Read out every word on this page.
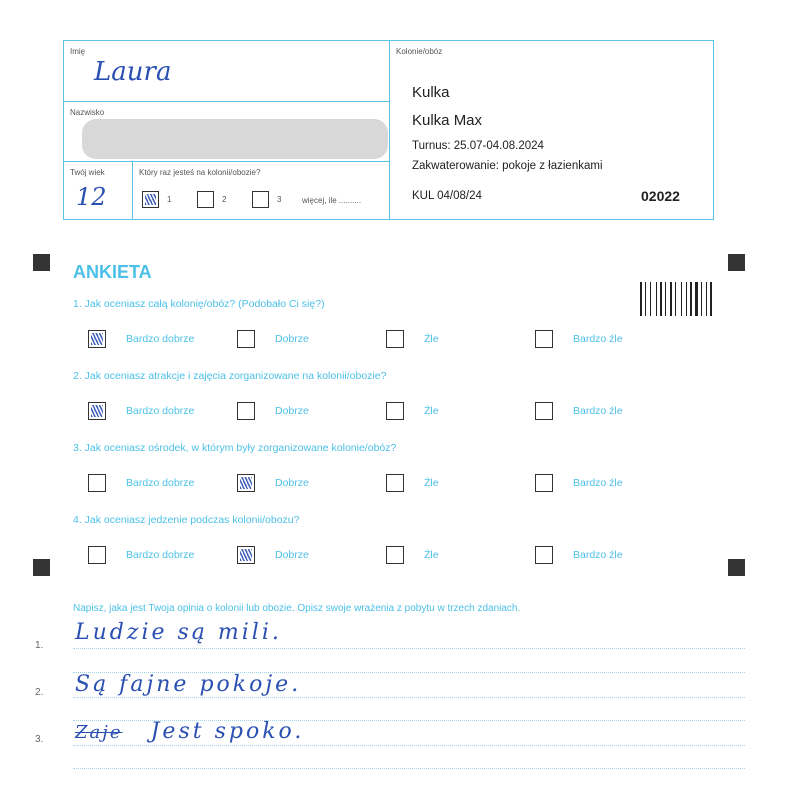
Imię
Laura
Nazwisko
Twój wiek
12
Który raz jesteś na kolonii/obozie?
1	2	3	więcej, ile ..........
Kolonie/obóz
Kulka
Kulka Max
Turnus: 25.07-04.08.2024
Zakwaterowanie: pokoje z łazienkami
KUL 04/08/24	02022
ANKIETA
1. Jak oceniasz całą kolonię/obóz? (Podobało Ci się?)
Bardzo dobrze	Dobrze	Źle	Bardzo źle
2. Jak oceniasz atrakcje i zajęcia zorganizowane na kolonii/obozie?
Bardzo dobrze	Dobrze	Źle	Bardzo źle
3. Jak oceniasz ośrodek, w którym były zorganizowane kolonie/obóz?
Bardzo dobrze	Dobrze	Źle	Bardzo źle
4. Jak oceniasz jedzenie podczas kolonii/obozu?
Bardzo dobrze	Dobrze	Źle	Bardzo źle
Napisz, jaka jest Twoja opinia o kolonii lub obozie. Opisz swoje wrażenia z pobytu w trzech zdaniach.
1.
2.
3.
Ludzie są mili.
Są fajne pokoje.
Zaje Jest spoko.
